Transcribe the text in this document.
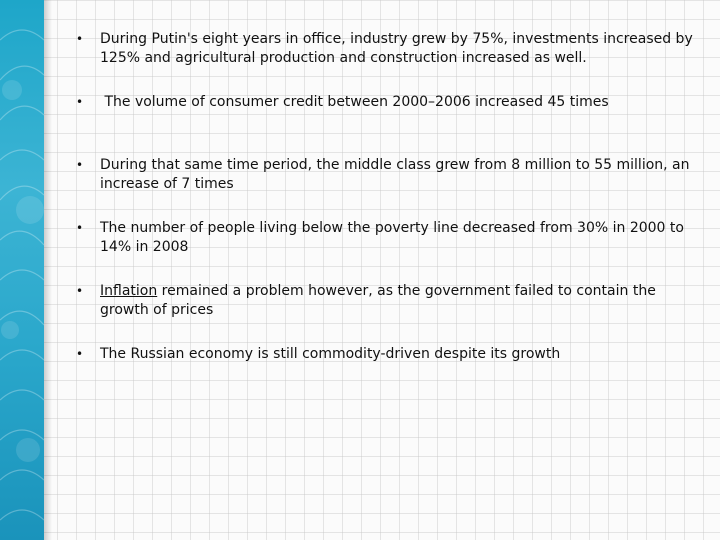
• During Putin's eight years in office, industry grew by 75%, investments increased by 125% and agricultural production and construction increased as well.
• The volume of consumer credit between 2000–2006 increased 45 times
• During that same time period, the middle class grew from 8 million to 55 million, an increase of 7 times
• The number of people living below the poverty line decreased from 30% in 2000 to 14% in 2008
• Inflation remained a problem however, as the government failed to contain the growth of prices
• The Russian economy is still commodity-driven despite its growth
